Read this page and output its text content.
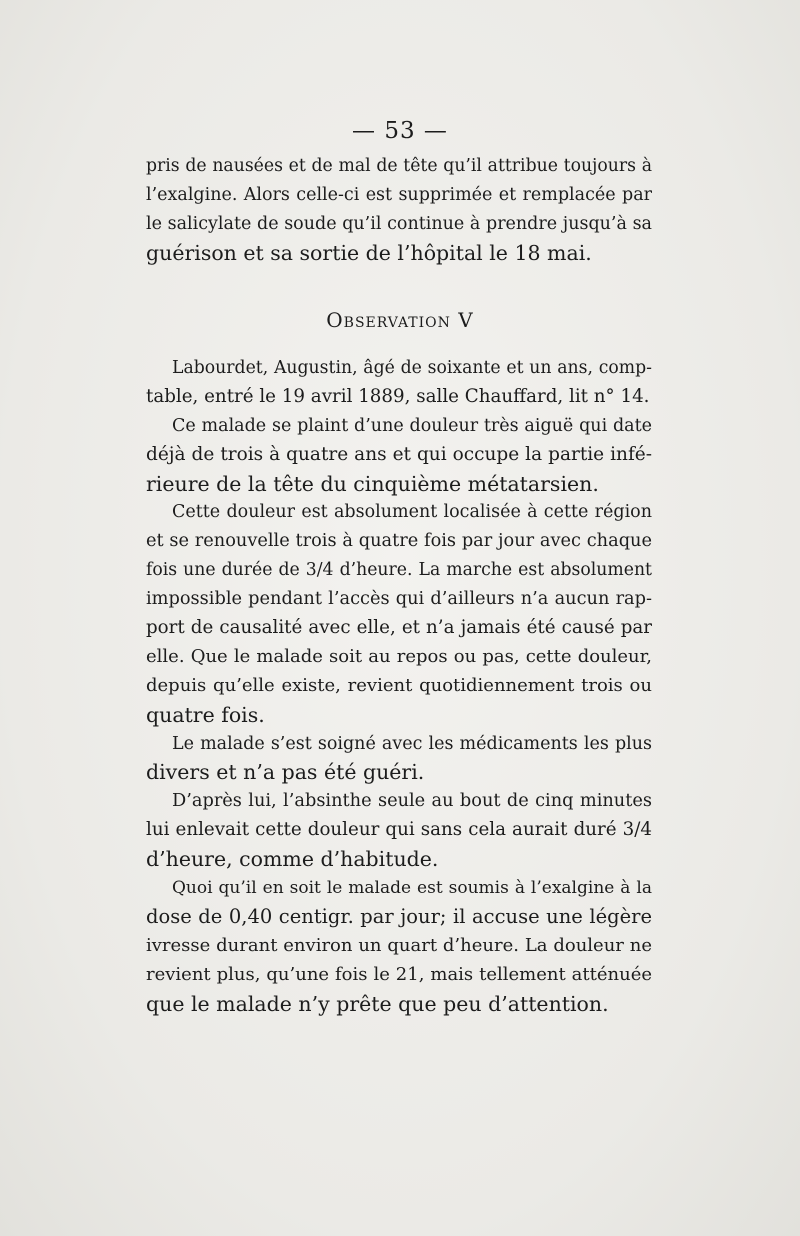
— 53 —
pris de nausées et de mal de tête qu’il attribue toujours à
l’exalgine. Alors celle-ci est supprimée et remplacée par
le salicylate de soude qu’il continue à prendre jusqu’à sa
guérison et sa sortie de l’hôpital le 18 mai.
Observation V
Labourdet, Augustin, âgé de soixante et un ans, comp-
table, entré le 19 avril 1889, salle Chauffard, lit n° 14.
Ce malade se plaint d’une douleur très aiguë qui date
déjà de trois à quatre ans et qui occupe la partie infé-
rieure de la tête du cinquième métatarsien.
Cette douleur est absolument localisée à cette région
et se renouvelle trois à quatre fois par jour avec chaque
fois une durée de 3/4 d’heure. La marche est absolument
impossible pendant l’accès qui d’ailleurs n’a aucun rap-
port de causalité avec elle, et n’a jamais été causé par
elle. Que le malade soit au repos ou pas, cette douleur,
depuis qu’elle existe, revient quotidiennement trois ou
quatre fois.
Le malade s’est soigné avec les médicaments les plus
divers et n’a pas été guéri.
D’après lui, l’absinthe seule au bout de cinq minutes
lui enlevait cette douleur qui sans cela aurait duré 3/4
d’heure, comme d’habitude.
Quoi qu’il en soit le malade est soumis à l’exalgine à la
dose de 0,40 centigr. par jour; il accuse une légère
ivresse durant environ un quart d’heure. La douleur ne
revient plus, qu’une fois le 21, mais tellement atténuée
que le malade n’y prête que peu d’attention.
